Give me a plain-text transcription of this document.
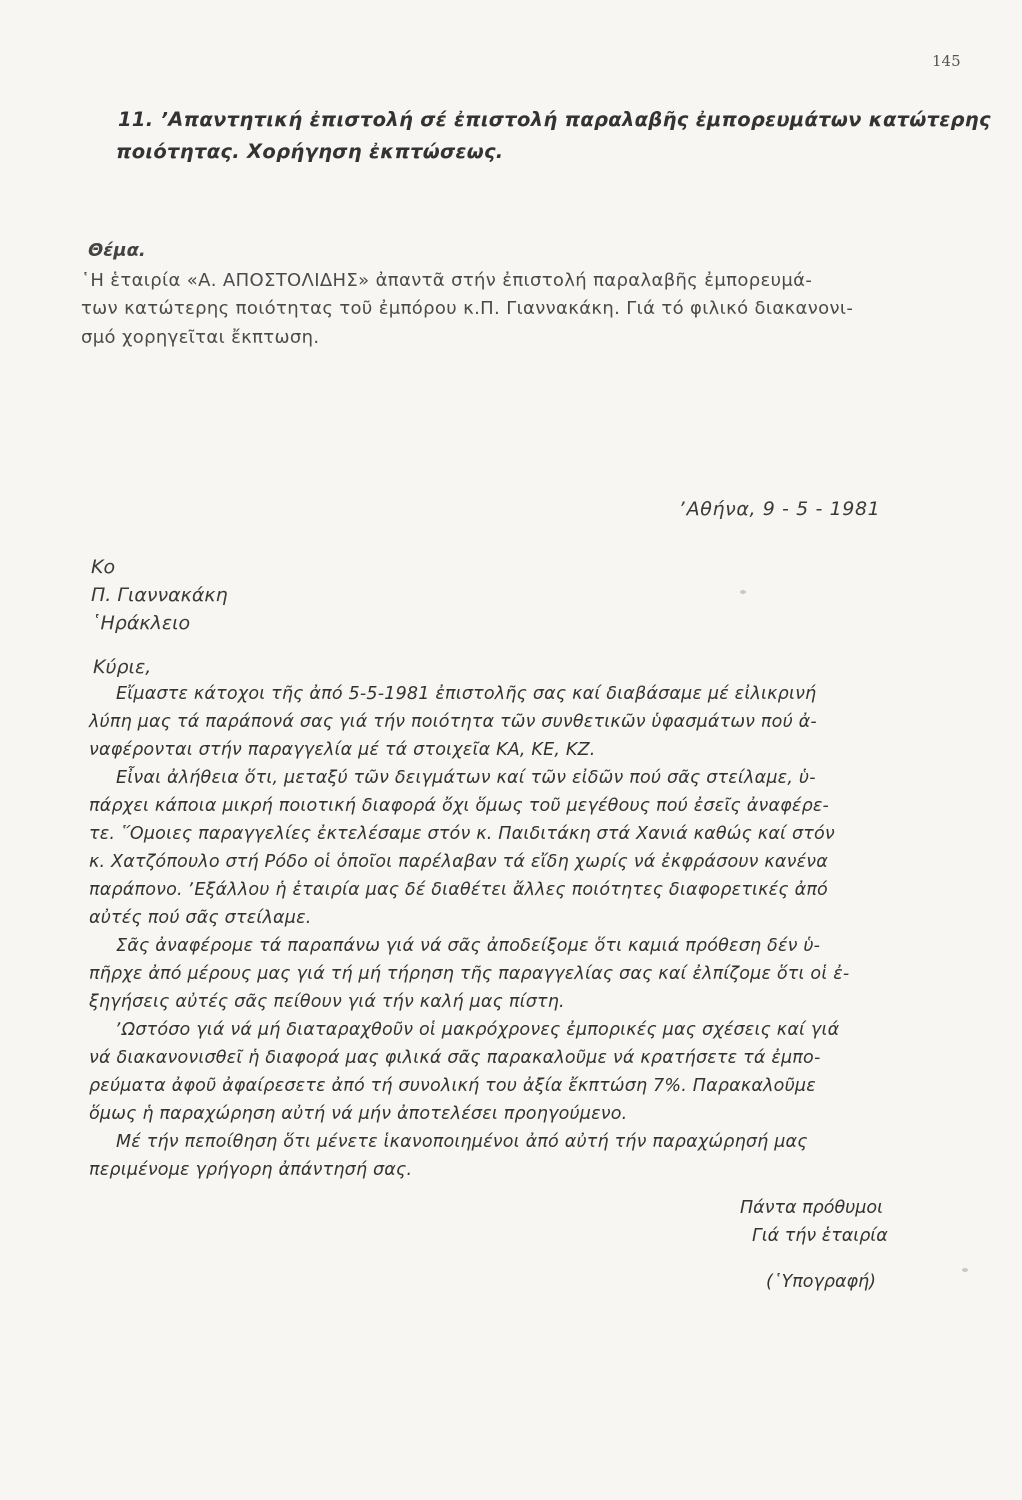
145
11. ʼΑπαντητική ἐπιστολή σέ ἐπιστολή παραλαβῆς ἐμπορευμάτων κατώτερης
ποιότητας. Χορήγηση ἐκπτώσεως.
Θέμα.
῾Η ἑταιρία «Α. ΑΠΟΣΤΟΛΙΔΗΣ» ἀπαντᾶ στήν ἐπιστολή παραλαβῆς ἐμπορευμά-
των κατώτερης ποιότητας τοῦ ἐμπόρου κ.Π. Γιαννακάκη. Γιά τό φιλικό διακανονι-
σμό χορηγεῖται ἔκπτωση.
ʼΑθήνα, 9 - 5 - 1981
Κο
Π. Γιαννακάκη
῾Ηράκλειο
Κύριε,
Εἴμαστε κάτοχοι τῆς ἀπό 5-5-1981 ἐπιστολῆς σας καί διαβάσαμε μέ εἰλικρινή
λύπη μας τά παράπονά σας γιά τήν ποιότητα τῶν συνθετικῶν ὑφασμάτων πού ἀ-
ναφέρονται στήν παραγγελία μέ τά στοιχεῖα ΚΑ, ΚΕ, ΚΖ.
Εἶναι ἀλήθεια ὅτι, μεταξύ τῶν δειγμάτων καί τῶν εἰδῶν πού σᾶς στείλαμε, ὑ-
πάρχει κάποια μικρή ποιοτική διαφορά ὄχι ὅμως τοῦ μεγέθους πού ἐσεῖς ἀναφέρε-
τε. ῞Ομοιες παραγγελίες ἐκτελέσαμε στόν κ. Παιδιτάκη στά Χανιά καθώς καί στόν
κ. Χατζόπουλο στή Ρόδο οἱ ὁποῖοι παρέλαβαν τά εἴδη χωρίς νά ἐκφράσουν κανένα
παράπονο. ʼΕξάλλου ἡ ἑταιρία μας δέ διαθέτει ἄλλες ποιότητες διαφορετικές ἀπό
αὐτές πού σᾶς στείλαμε.
Σᾶς ἀναφέρομε τά παραπάνω γιά νά σᾶς ἀποδείξομε ὅτι καμιά πρόθεση δέν ὑ-
πῆρχε ἀπό μέρους μας γιά τή μή τήρηση τῆς παραγγελίας σας καί ἐλπίζομε ὅτι οἱ ἐ-
ξηγήσεις αὐτές σᾶς πείθουν γιά τήν καλή μας πίστη.
ʼΩστόσο γιά νά μή διαταραχθοῦν οἱ μακρόχρονες ἐμπορικές μας σχέσεις καί γιά
νά διακανονισθεῖ ἡ διαφορά μας φιλικά σᾶς παρακαλοῦμε νά κρατήσετε τά ἐμπο-
ρεύματα ἀφοῦ ἀφαίρεσετε ἀπό τή συνολική του ἀξία ἔκπτώση 7%. Παρακαλοῦμε
ὅμως ἡ παραχώρηση αὐτή νά μήν ἀποτελέσει προηγούμενο.
Μέ τήν πεποίθηση ὅτι μένετε ἱκανοποιημένοι ἀπό αὐτή τήν παραχώρησή μας
περιμένομε γρήγορη ἀπάντησή σας.
Πάντα πρόθυμοι
Γιά τήν ἑταιρία
(῾Υπογραφή)
